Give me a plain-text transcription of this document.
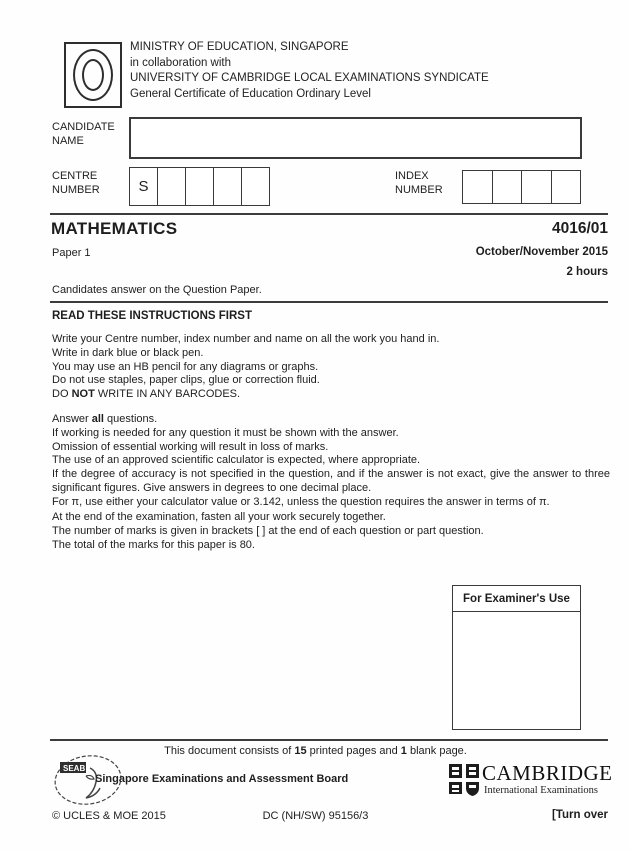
MINISTRY OF EDUCATION, SINGAPORE
in collaboration with
UNIVERSITY OF CAMBRIDGE LOCAL EXAMINATIONS SYNDICATE
General Certificate of Education Ordinary Level
CANDIDATE
NAME
CENTRE
NUMBER	S
INDEX
NUMBER
MATHEMATICS	4016/01
Paper 1	October/November 2015
2 hours
Candidates answer on the Question Paper.
READ THESE INSTRUCTIONS FIRST
Write your Centre number, index number and name on all the work you hand in.
Write in dark blue or black pen.
You may use an HB pencil for any diagrams or graphs.
Do not use staples, paper clips, glue or correction fluid.
DO NOT WRITE IN ANY BARCODES.
Answer all questions.
If working is needed for any question it must be shown with the answer.
Omission of essential working will result in loss of marks.
The use of an approved scientific calculator is expected, where appropriate.
If the degree of accuracy is not specified in the question, and if the answer is not exact, give the answer to three significant figures. Give answers in degrees to one decimal place.
For π, use either your calculator value or 3.142, unless the question requires the answer in terms of π.
At the end of the examination, fasten all your work securely together.
The number of marks is given in brackets [ ] at the end of each question or part question.
The total of the marks for this paper is 80.
For Examiner's Use
This document consists of 15 printed pages and 1 blank page.
SEAB
Singapore Examinations and Assessment Board	CAMBRIDGE
International Examinations
© UCLES & MOE 2015	DC (NH/SW) 95156/3	[Turn over
